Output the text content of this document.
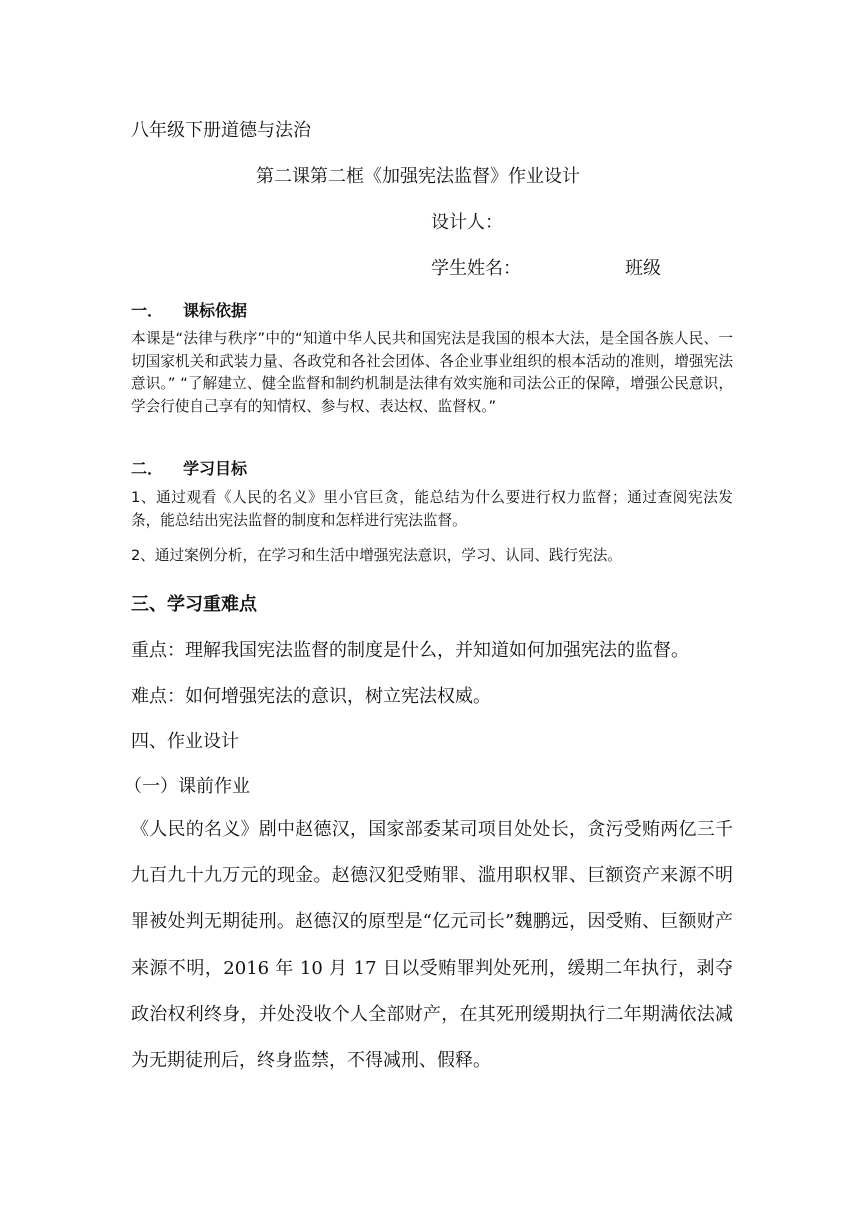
八年级下册道德与法治
第二课第二框《加强宪法监督》作业设计
设计人：
学生姓名：	班级
一． 课标依据

本课是“法律与秩序”中的“知道中华人民共和国宪法是我国的根本大法，是全国各族人民、一切国家机关和武装力量、各政党和各社会团体、各企业事业组织的根本活动的准则，增强宪法意识。” “了解建立、健全监督和制约机制是法律有效实施和司法公正的保障，增强公民意识，学会行使自己享有的知情权、参与权、表达权、监督权。”

二． 学习目标

1、通过观看《人民的名义》里小官巨贪，能总结为什么要进行权力监督；通过查阅宪法发条，能总结出宪法监督的制度和怎样进行宪法监督。

2、通过案例分析，在学习和生活中增强宪法意识，学习、认同、践行宪法。

三、学习重难点
重点：理解我国宪法监督的制度是什么，并知道如何加强宪法的监督。
难点：如何增强宪法的意识，树立宪法权威。
四、作业设计
（一）课前作业

《人民的名义》剧中赵德汉，国家部委某司项目处处长，贪污受贿两亿三千九百九十九万元的现金。赵德汉犯受贿罪、滥用职权罪、巨额资产来源不明罪被处判无期徒刑。赵德汉的原型是“亿元司长”魏鹏远，因受贿、巨额财产来源不明，2016 年 10 月 17 日以受贿罪判处死刑，缓期二年执行，剥夺政治权利终身，并处没收个人全部财产，在其死刑缓期执行二年期满依法减为无期徒刑后，终身监禁，不得减刑、假释。
